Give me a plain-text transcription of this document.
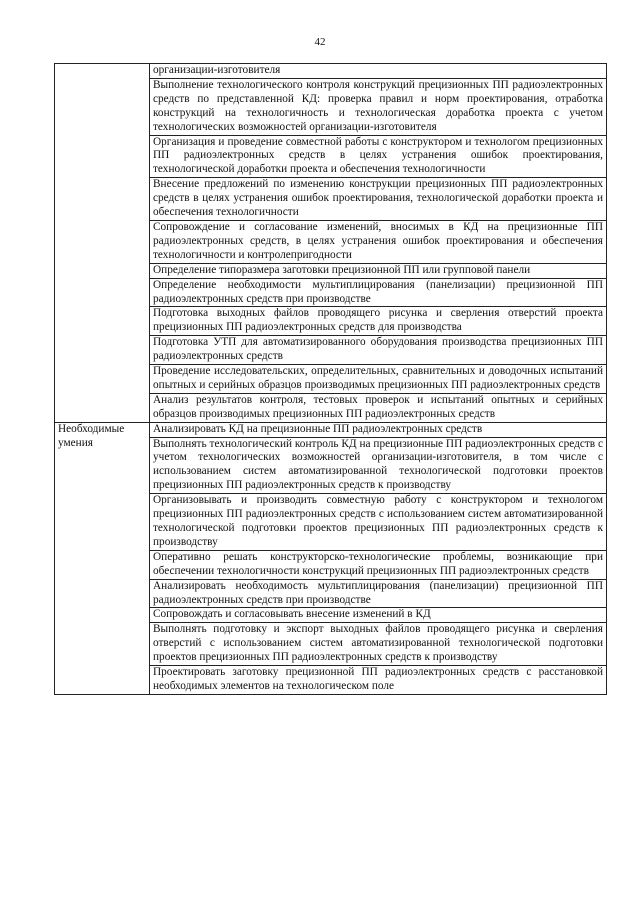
42

	организации-изготовителя

	Выполнение технологического контроля конструкций прецизионных ПП радиоэлектронных средств по представленной КД: проверка правил и норм проектирования, отработка конструкций на технологичность и технологическая доработка проекта с учетом технологических возможностей организации-изготовителя

	Организация и проведение совместной работы с конструктором и технологом прецизионных ПП радиоэлектронных средств в целях устранения ошибок проектирования, технологической доработки проекта и обеспечения технологичности

	Внесение предложений по изменению конструкции прецизионных ПП радиоэлектронных средств в целях устранения ошибок проектирования, технологической доработки проекта и обеспечения технологичности

	Сопровождение и согласование изменений, вносимых в КД на прецизионные ПП радиоэлектронных средств, в целях устранения ошибок проектирования и обеспечения технологичности и контролепригодности

	Определение типоразмера заготовки прецизионной ПП или групповой панели

	Определение необходимости мультиплицирования (панелизации) прецизионной ПП радиоэлектронных средств при производстве

	Подготовка выходных файлов проводящего рисунка и сверления отверстий проекта прецизионных ПП радиоэлектронных средств для производства

	Подготовка УТП для автоматизированного оборудования производства прецизионных ПП радиоэлектронных средств

	Проведение исследовательских, определительных, сравнительных и доводочных испытаний опытных и серийных образцов производимых прецизионных ПП радиоэлектронных средств

	Анализ результатов контроля, тестовых проверок и испытаний опытных и серийных образцов производимых прецизионных ПП радиоэлектронных средств

Необходимые умения	Анализировать КД на прецизионные ПП радиоэлектронных средств

	Выполнять технологический контроль КД на прецизионные ПП радиоэлектронных средств с учетом технологических возможностей организации-изготовителя, в том числе с использованием систем автоматизированной технологической подготовки проектов прецизионных ПП радиоэлектронных средств к производству

	Организовывать и производить совместную работу с конструктором и технологом прецизионных ПП радиоэлектронных средств с использованием систем автоматизированной технологической подготовки проектов прецизионных ПП радиоэлектронных средств к производству

	Оперативно решать конструкторско-технологические проблемы, возникающие при обеспечении технологичности конструкций прецизионных ПП радиоэлектронных средств

	Анализировать необходимость мультиплицирования (панелизации) прецизионной ПП радиоэлектронных средств при производстве

	Сопровождать и согласовывать внесение изменений в КД

	Выполнять подготовку и экспорт выходных файлов проводящего рисунка и сверления отверстий с использованием систем автоматизированной технологической подготовки проектов прецизионных ПП радиоэлектронных средств к производству

	Проектировать заготовку прецизионной ПП радиоэлектронных средств с расстановкой необходимых элементов на технологическом поле
